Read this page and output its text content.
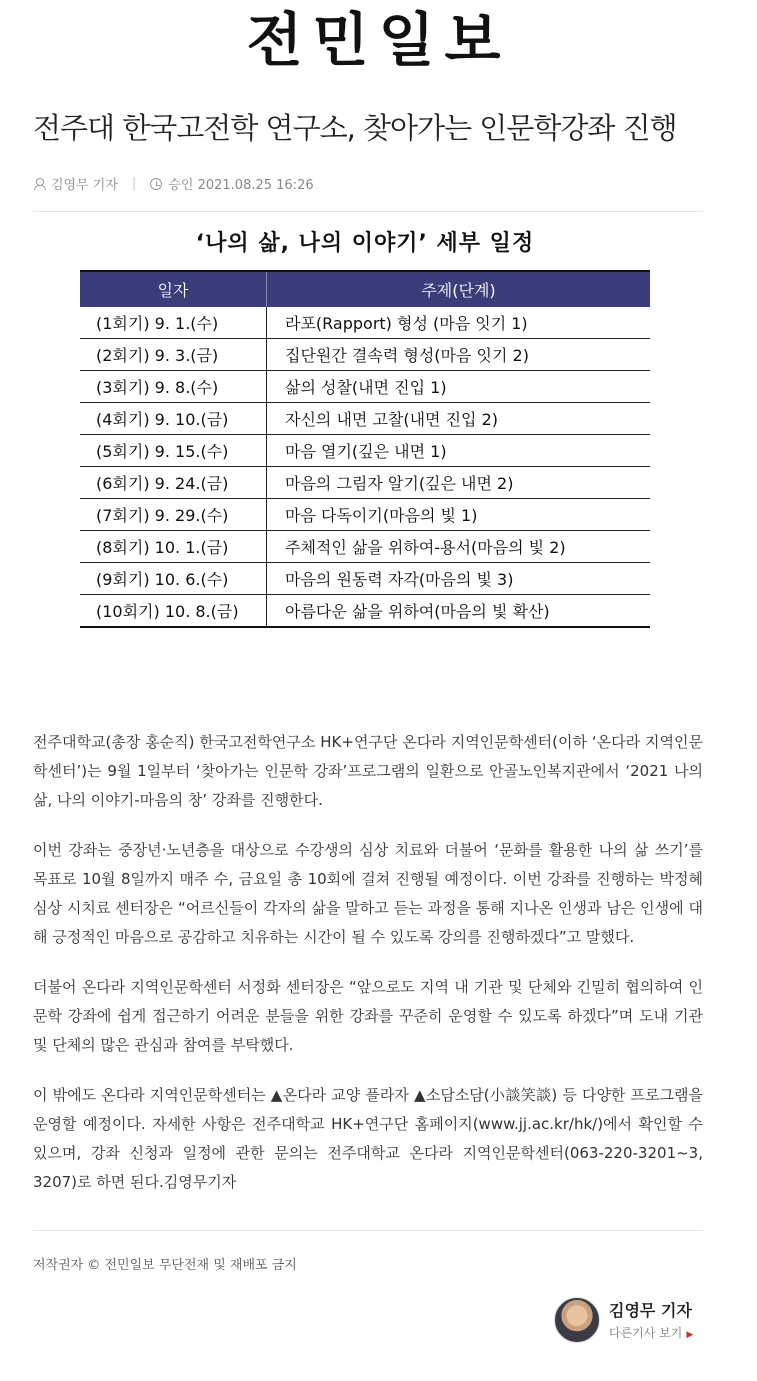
전민일보
전주대 한국고전학 연구소, 찾아가는 인문학강좌 진행
김영무 기자 | 승인 2021.08.25 16:26
‘나의 삶, 나의 이야기’ 세부 일정
일자	주제(단계)
(1회기) 9. 1.(수)	라포(Rapport) 형성 (마음 잇기 1)
(2회기) 9. 3.(금)	집단원간 결속력 형성(마음 잇기 2)
(3회기) 9. 8.(수)	삶의 성찰(내면 진입 1)
(4회기) 9. 10.(금)	자신의 내면 고찰(내면 진입 2)
(5회기) 9. 15.(수)	마음 열기(깊은 내면 1)
(6회기) 9. 24.(금)	마음의 그림자 알기(깊은 내면 2)
(7회기) 9. 29.(수)	마음 다독이기(마음의 빛 1)
(8회기) 10. 1.(금)	주체적인 삶을 위하여-용서(마음의 빛 2)
(9회기) 10. 6.(수)	마음의 원동력 자각(마음의 빛 3)
(10회기) 10. 8.(금)	아름다운 삶을 위하여(마음의 빛 확산)

전주대학교(총장 홍순직) 한국고전학연구소 HK+연구단 온다라 지역인문학센터(이하 ‘온다라 지역인문학센터’)는 9월 1일부터 ‘찾아가는 인문학 강좌’프로그램의 일환으로 안골노인복지관에서 ‘2021 나의 삶, 나의 이야기-마음의 창’ 강좌를 진행한다.

이번 강좌는 중장년·노년층을 대상으로 수강생의 심상 치료와 더불어 ‘문화를 활용한 나의 삶 쓰기’를 목표로 10월 8일까지 매주 수, 금요일 총 10회에 걸쳐 진행될 예정이다. 이번 강좌를 진행하는 박정혜 심상 시치료 센터장은 “어르신들이 각자의 삶을 말하고 듣는 과정을 통해 지나온 인생과 남은 인생에 대해 긍정적인 마음으로 공감하고 치유하는 시간이 될 수 있도록 강의를 진행하겠다”고 말했다.

더불어 온다라 지역인문학센터 서정화 센터장은 “앞으로도 지역 내 기관 및 단체와 긴밀히 협의하여 인문학 강좌에 쉽게 접근하기 어려운 분들을 위한 강좌를 꾸준히 운영할 수 있도록 하겠다”며 도내 기관 및 단체의 많은 관심과 참여를 부탁했다.

이 밖에도 온다라 지역인문학센터는 ▲온다라 교양 플라자 ▲소담소담(小談笑談) 등 다양한 프로그램을 운영할 예정이다. 자세한 사항은 전주대학교 HK+연구단 홈페이지(www.jj.ac.kr/hk/)에서 확인할 수 있으며, 강좌 신청과 일정에 관한 문의는 전주대학교 온다라 지역인문학센터(063-220-3201~3, 3207)로 하면 된다.김영무기자

저작권자 © 전민일보 무단전재 및 재배포 금지
김영무 기자
다른기사 보기 ▶
